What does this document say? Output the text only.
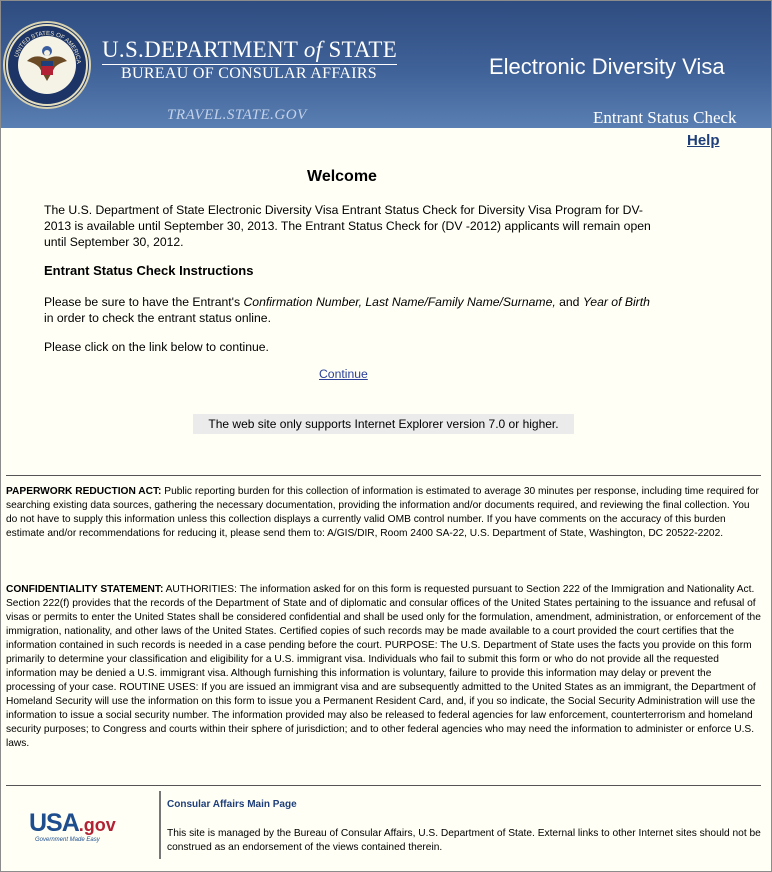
UNITED STATES OF AMERICA U.S.DEPARTMENT of STATE
BUREAU OF CONSULAR AFFAIRS
TRAVEL.STATE.GOV
Electronic Diversity Visa
Entrant Status Check
Help
Welcome
The U.S. Department of State Electronic Diversity Visa Entrant Status Check for Diversity Visa Program for DV- 2013 is available until September 30, 2013. The Entrant Status Check for (DV -2012) applicants will remain open until September 30, 2012.
Entrant Status Check Instructions
Please be sure to have the Entrant's Confirmation Number, Last Name/Family Name/Surname, and Year of Birth in order to check the entrant status online.
Please click on the link below to continue.
Continue
The web site only supports Internet Explorer version 7.0 or higher.
PAPERWORK REDUCTION ACT: Public reporting burden for this collection of information is estimated to average 30 minutes per response, including time required for searching existing data sources, gathering the necessary documentation, providing the information and/or documents required, and reviewing the final collection. You do not have to supply this information unless this collection displays a currently valid OMB control number. If you have comments on the accuracy of this burden estimate and/or recommendations for reducing it, please send them to: A/GIS/DIR, Room 2400 SA-22, U.S. Department of State, Washington, DC 20522-2202.
CONFIDENTIALITY STATEMENT: AUTHORITIES: The information asked for on this form is requested pursuant to Section 222 of the Immigration and Nationality Act. Section 222(f) provides that the records of the Department of State and of diplomatic and consular offices of the United States pertaining to the issuance and refusal of visas or permits to enter the United States shall be considered confidential and shall be used only for the formulation, amendment, administration, or enforcement of the immigration, nationality, and other laws of the United States. Certified copies of such records may be made available to a court provided the court certifies that the information contained in such records is needed in a case pending before the court. PURPOSE: The U.S. Department of State uses the facts you provide on this form primarily to determine your classification and eligibility for a U.S. immigrant visa. Individuals who fail to submit this form or who do not provide all the requested information may be denied a U.S. immigrant visa. Although furnishing this information is voluntary, failure to provide this information may delay or prevent the processing of your case. ROUTINE USES: If you are issued an immigrant visa and are subsequently admitted to the United States as an immigrant, the Department of Homeland Security will use the information on this form to issue you a Permanent Resident Card, and, if you so indicate, the Social Security Administration will use the information to issue a social security number. The information provided may also be released to federal agencies for law enforcement, counterterrorism and homeland security purposes; to Congress and courts within their sphere of jurisdiction; and to other federal agencies who may need the information to administer or enforce U.S. laws.
USA.gov
Government Made Easy
Consular Affairs Main Page
This site is managed by the Bureau of Consular Affairs, U.S. Department of State. External links to other Internet sites should not be construed as an endorsement of the views contained therein.
